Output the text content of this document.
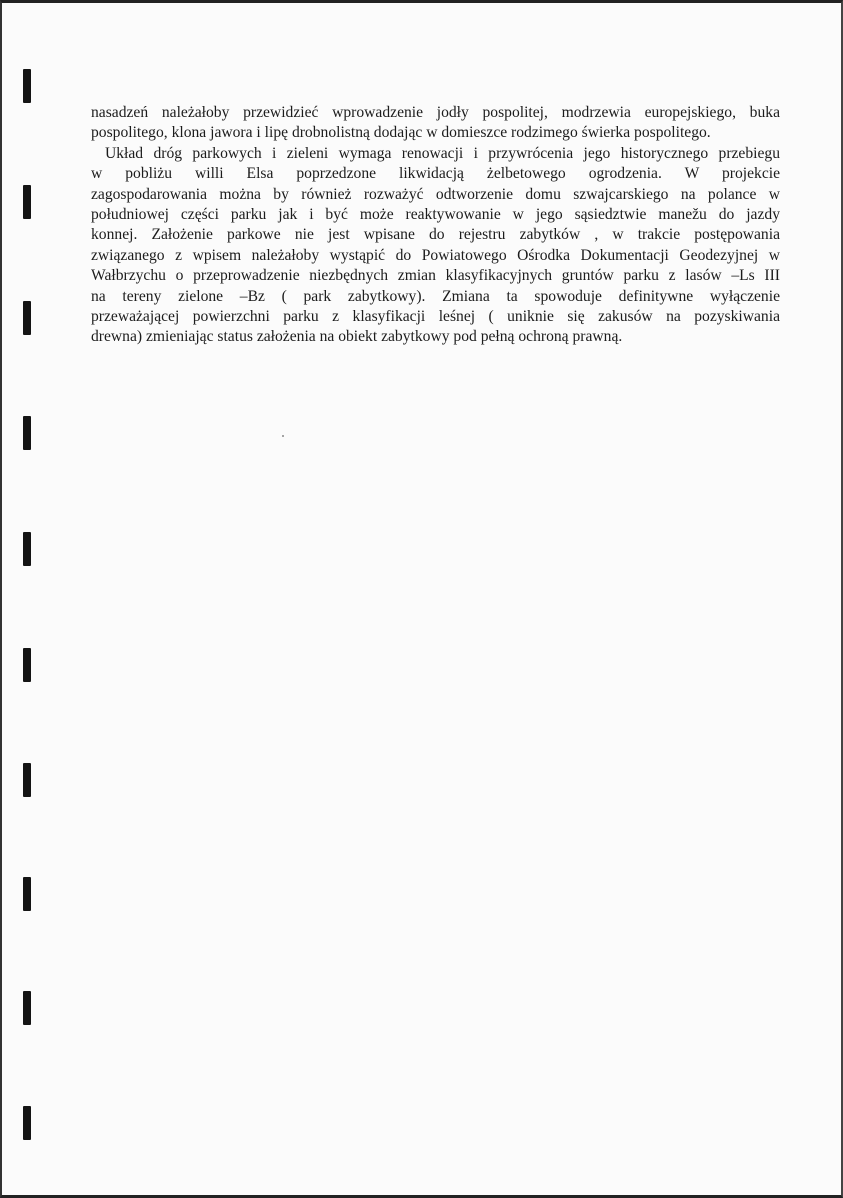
nasadzeń należałoby przewidzieć wprowadzenie jodły pospolitej, modrzewia europejskiego, buka
pospolitego, klona jawora i lipę drobnolistną dodając w domieszce rodzimego świerka pospolitego.
Układ dróg parkowych i zieleni wymaga renowacji i przywrócenia jego historycznego przebiegu
w pobliżu willi Elsa poprzedzone likwidacją żelbetowego ogrodzenia. W projekcie
zagospodarowania można by również rozważyć odtworzenie domu szwajcarskiego na polance w
południowej części parku jak i być może reaktywowanie w jego sąsiedztwie manežu do jazdy
konnej. Założenie parkowe nie jest wpisane do rejestru zabytków , w trakcie postępowania
związanego z wpisem należałoby wystąpić do Powiatowego Ośrodka Dokumentacji Geodezyjnej w
Wałbrzychu o przeprowadzenie niezbędnych zmian klasyfikacyjnych gruntów parku z lasów –Ls III
na tereny zielone –Bz ( park zabytkowy). Zmiana ta spowoduje definitywne wyłączenie
przeważającej powierzchni parku z klasyfikacji leśnej ( uniknie się zakusów na pozyskiwania
drewna) zmieniając status założenia na obiekt zabytkowy pod pełną ochroną prawną.
